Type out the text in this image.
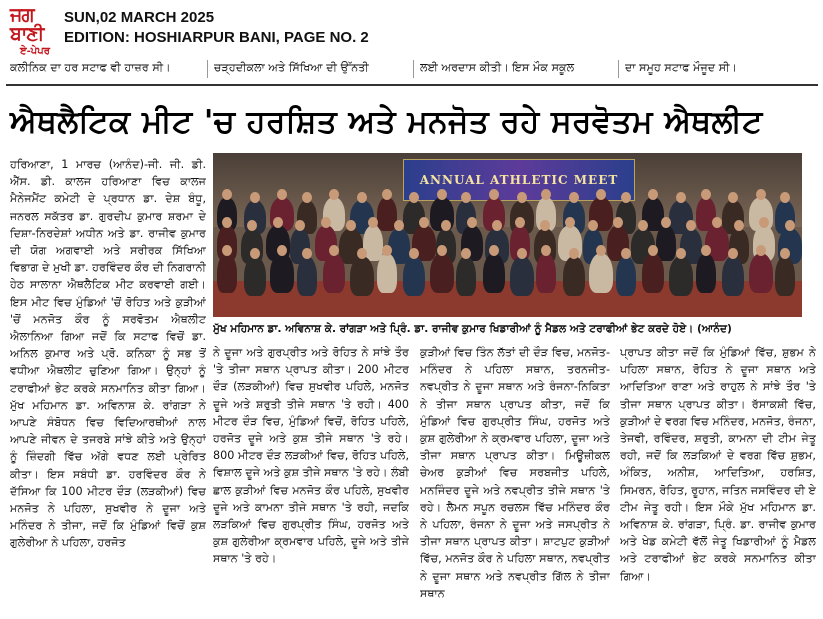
ਜਗ ਬਾਣੀ
ਏ-ਪੇਪਰ
SUN,02 MARCH 2025
EDITION: HOSHIARPUR BANI, PAGE NO. 2
ਕਲੀਨਿਕ ਦਾ ਹਰ ਸਟਾਫ ਵੀ ਹਾਜ਼ਰ ਸੀ।	ਚੜ੍ਹਦੀਕਲਾ ਅਤੇ ਸਿੱਖਿਆ ਦੀ ਉੱਨਤੀ	ਲਈ ਅਰਦਾਸ ਕੀਤੀ। ਇਸ ਮੌਕ ਸਕੂਲ	ਦਾ ਸਮੂਹ ਸਟਾਫ ਮੌਜੂਦ ਸੀ।
ਐਥਲੈਟਿਕ ਮੀਟ 'ਚ ਹਰਸ਼ਿਤ ਅਤੇ ਮਨਜੋਤ ਰਹੇ ਸਰਵੋਤਮ ਐਥਲੀਟ

ਹਰਿਆਣਾ, 1 ਮਾਰਚ (ਆਨੰਦ)-ਜੀ. ਜੀ. ਡੀ. ਐੱਸ. ਡੀ. ਕਾਲਜ ਹਰਿਆਣਾ ਵਿਚ ਕਾਲਜ ਮੈਨੇਜਮੈਂਟ ਕਮੇਟੀ ਦੇ ਪ੍ਰਧਾਨ ਡਾ. ਦੇਸ਼ ਬੰਧੂ, ਜਨਰਲ ਸਕੱਤਰ ਡਾ. ਗੁਰਦੀਪ ਕੁਮਾਰ ਸ਼ਰਮਾ ਦੇ ਦਿਸ਼ਾ-ਨਿਰਦੇਸ਼ਾਂ ਅਧੀਨ ਅਤੇ ਡਾ. ਰਾਜੀਵ ਕੁਮਾਰ ਦੀ ਯੋਗ ਅਗਵਾਈ ਅਤੇ ਸਰੀਰਕ ਸਿੱਖਿਆ ਵਿਭਾਗ ਦੇ ਮੁਖੀ ਡਾ. ਹਰਵਿੰਦਰ ਕੌਰ ਦੀ ਨਿਗਰਾਨੀ ਹੇਠ ਸਾਲਾਨਾ ਐਥਲੈਟਿਕ ਮੀਟ ਕਰਵਾਈ ਗਈ। ਇਸ ਮੀਟ ਵਿਚ ਮੁੰਡਿਆਂ 'ਚੋਂ ਰੋਹਿਤ ਅਤੇ ਕੁੜੀਆਂ 'ਚੋਂ ਮਨਜੋਤ ਕੌਰ ਨੂੰ ਸਰਵੋਤਮ ਐਥਲੀਟ ਐਲਾਨਿਆ ਗਿਆ ਜਦੋਂ ਕਿ ਸਟਾਫ ਵਿਚੋਂ ਡਾ. ਅਨਿਲ ਕੁਮਾਰ ਅਤੇ ਪ੍ਰੋ. ਕਨਿਕਾ ਨੂੰ ਸਭ ਤੋਂ ਵਧੀਆ ਐਥਲੀਟ ਚੁਣਿਆ ਗਿਆ। ਉਨ੍ਹਾਂ ਨੂੰ ਟਰਾਫੀਆਂ ਭੇਟ ਕਰਕੇ ਸਨਮਾਨਿਤ ਕੀਤਾ ਗਿਆ। ਮੁੱਖ ਮਹਿਮਾਨ ਡਾ. ਅਵਿਨਾਸ਼ ਕੇ. ਰਾਂਗੜਾ ਨੇ ਆਪਣੇ ਸੰਬੋਧਨ ਵਿਚ ਵਿਦਿਆਰਥੀਆਂ ਨਾਲ ਆਪਣੇ ਜੀਵਨ ਦੇ ਤਜਰਬੇ ਸਾਂਝੇ ਕੀਤੇ ਅਤੇ ਉਨ੍ਹਾਂ ਨੂੰ ਜ਼ਿੰਦਗੀ ਵਿੱਚ ਅੱਗੇ ਵਧਣ ਲਈ ਪ੍ਰੇਰਿਤ ਕੀਤਾ। ਇਸ ਸਬੰਧੀ ਡਾ. ਹਰਵਿੰਦਰ ਕੌਰ ਨੇ ਦੱਸਿਆ ਕਿ 100 ਮੀਟਰ ਦੌੜ (ਲੜਕੀਆਂ) ਵਿਚ ਮਨਜੋਤ ਨੇ ਪਹਿਲਾ, ਸੁਖਵੀਰ ਨੇ ਦੂਜਾ ਅਤੇ ਮਨਿੰਦਰ ਨੇ ਤੀਜਾ, ਜਦੋਂ ਕਿ ਮੁੰਡਿਆਂ ਵਿਚੋਂ ਕੁਸ਼ ਗੁਲੇਰੀਆ ਨੇ ਪਹਿਲਾ, ਹਰਜੋਤ

ANNUAL ATHLETIC MEET
ਮੁੱਖ ਮਹਿਮਾਨ ਡਾ. ਅਵਿਨਾਸ਼ ਕੇ. ਰਾਂਗੜਾ ਅਤੇ ਪ੍ਰਿੰ. ਡਾ. ਰਾਜੀਵ ਕੁਮਾਰ ਖਿਡਾਰੀਆਂ ਨੂੰ ਮੈਡਲ ਅਤੇ ਟਰਾਫੀਆਂ ਭੇਟ ਕਰਦੇ ਹੋਏ। (ਆਨੰਦ)

ਨੇ ਦੂਜਾ ਅਤੇ ਗੁਰਪ੍ਰੀਤ ਅਤੇ ਰੋਹਿਤ ਨੇ ਸਾਂਝੇ ਤੌਰ 'ਤੇ ਤੀਜਾ ਸਥਾਨ ਪ੍ਰਾਪਤ ਕੀਤਾ। 200 ਮੀਟਰ ਦੌੜ (ਲੜਕੀਆਂ) ਵਿਚ ਸੁਖਵੀਰ ਪਹਿਲੇ, ਮਨਜੋਤ ਦੂਜੇ ਅਤੇ ਸ਼ਰੁਤੀ ਤੀਜੇ ਸਥਾਨ 'ਤੇ ਰਹੀ। 400 ਮੀਟਰ ਦੌੜ ਵਿਚ, ਮੁੰਡਿਆਂ ਵਿਚੋਂ, ਰੋਹਿਤ ਪਹਿਲੇ, ਹਰਜੋਤ ਦੂਜੇ ਅਤੇ ਕੁਸ਼ ਤੀਜੇ ਸਥਾਨ 'ਤੇ ਰਹੇ। 800 ਮੀਟਰ ਦੌੜ ਲੜਕੀਆਂ ਵਿਚ, ਰੋਹਿਤ ਪਹਿਲੇ, ਵਿਸ਼ਾਲ ਦੂਜੇ ਅਤੇ ਕੁਸ਼ ਤੀਜੇ ਸਥਾਨ 'ਤੇ ਰਹੇ। ਲੰਬੀ ਛਾਲ ਕੁੜੀਆਂ ਵਿਚ ਮਨਜੋਤ ਕੌਰ ਪਹਿਲੇ, ਸੁਖਵੀਰ ਦੂਜੇ ਅਤੇ ਕਾਮਨਾ ਤੀਜੇ ਸਥਾਨ 'ਤੇ ਰਹੀ, ਜਦਕਿ ਲੜਕਿਆਂ ਵਿਚ ਗੁਰਪ੍ਰੀਤ ਸਿੰਘ, ਹਰਜੋਤ ਅਤੇ ਕੁਸ਼ ਗੁਲੇਰੀਆ ਕ੍ਰਮਵਾਰ ਪਹਿਲੇ, ਦੂਜੇ ਅਤੇ ਤੀਜੇ ਸਥਾਨ 'ਤੇ ਰਹੇ।

ਕੁੜੀਆਂ ਵਿਚ ਤਿੰਨ ਲੱਤਾਂ ਦੀ ਦੌੜ ਵਿਚ, ਮਨਜੋਤ-ਮਨਿੰਦਰ ਨੇ ਪਹਿਲਾ ਸਥਾਨ, ਤਰਨਜੀਤ-ਨਵਪ੍ਰੀਤ ਨੇ ਦੂਜਾ ਸਥਾਨ ਅਤੇ ਰੰਜਨਾ-ਨਿਕਿਤਾ ਨੇ ਤੀਜਾ ਸਥਾਨ ਪ੍ਰਾਪਤ ਕੀਤਾ, ਜਦੋਂ ਕਿ ਮੁੰਡਿਆਂ ਵਿਚ ਗੁਰਪ੍ਰੀਤ ਸਿੰਘ, ਹਰਜੋਤ ਅਤੇ ਕੁਸ਼ ਗੁਲੇਰੀਆ ਨੇ ਕ੍ਰਮਵਾਰ ਪਹਿਲਾ, ਦੂਜਾ ਅਤੇ ਤੀਜਾ ਸਥਾਨ ਪ੍ਰਾਪਤ ਕੀਤਾ। ਮਿਊਜ਼ੀਕਲ ਚੇਅਰ ਕੁੜੀਆਂ ਵਿਚ ਸਰਬਜੀਤ ਪਹਿਲੇ, ਮਨਜਿੰਦਰ ਦੂਜੇ ਅਤੇ ਨਵਪ੍ਰੀਤ ਤੀਜੇ ਸਥਾਨ 'ਤੇ ਰਹੇ। ਲੈਮਨ ਸਪੂਨ ਰਚਲਸ ਵਿੱਚ ਮਨਿੰਦਰ ਕੌਰ ਨੇ ਪਹਿਲਾ, ਰੰਜਨਾ ਨੇ ਦੂਜਾ ਅਤੇ ਜਸਪ੍ਰੀਤ ਨੇ ਤੀਜਾ ਸਥਾਨ ਪ੍ਰਾਪਤ ਕੀਤਾ। ਸ਼ਾਟਪੁਟ ਕੁੜੀਆਂ ਵਿੱਚ, ਮਨਜੋਤ ਕੌਰ ਨੇ ਪਹਿਲਾ ਸਥਾਨ, ਨਵਪ੍ਰੀਤ ਨੇ ਦੂਜਾ ਸਥਾਨ ਅਤੇ ਨਵਪ੍ਰੀਤ ਗਿੱਲ ਨੇ ਤੀਜਾ ਸਥਾਨ

ਪ੍ਰਾਪਤ ਕੀਤਾ ਜਦੋਂ ਕਿ ਮੁੰਡਿਆਂ ਵਿੱਚ, ਸ਼ੁਭਮ ਨੇ ਪਹਿਲਾ ਸਥਾਨ, ਰੋਹਿਤ ਨੇ ਦੂਜਾ ਸਥਾਨ ਅਤੇ ਆਦਿਤਿਆ ਰਾਣਾ ਅਤੇ ਰਾਹੁਲ ਨੇ ਸਾਂਝੇ ਤੌਰ 'ਤੇ ਤੀਜਾ ਸਥਾਨ ਪ੍ਰਾਪਤ ਕੀਤਾ। ਰੱਸਾਕਸ਼ੀ ਵਿੱਚ, ਕੁੜੀਆਂ ਦੇ ਵਰਗ ਵਿਚ ਮਨਿੰਦਰ, ਮਨਜੋਤ, ਰੰਜਨਾ, ਤੇਜਵੀ, ਰਵਿੰਦਰ, ਸ਼ਰੁਤੀ, ਕਾਮਨਾ ਦੀ ਟੀਮ ਜੇਤੂ ਰਹੀ, ਜਦੋਂ ਕਿ ਲੜਕਿਆਂ ਦੇ ਵਰਗ ਵਿੱਚ ਸ਼ੁਭਮ, ਅੰਕਿਤ, ਅਨੀਸ਼, ਆਦਿਤਿਆ, ਹਰਸ਼ਿਤ, ਸਿਮਰਨ, ਰੋਹਿਤ, ਰੂਹਾਨ, ਜਤਿਨ ਜਸਵਿੰਦਰ ਦੀ ਏ ਟੀਮ ਜੇਤੂ ਰਹੀ। ਇਸ ਮੌਕੇ ਮੁੱਖ ਮਹਿਮਾਨ ਡਾ. ਅਵਿਨਾਸ਼ ਕੇ. ਰਾਂਗੜਾ, ਪ੍ਰਿੰ. ਡਾ. ਰਾਜੀਵ ਕੁਮਾਰ ਅਤੇ ਖੇਡ ਕਮੇਟੀ ਵੱਲੋਂ ਜੇਤੂ ਖਿਡਾਰੀਆਂ ਨੂੰ ਮੈਡਲ ਅਤੇ ਟਰਾਫੀਆਂ ਭੇਟ ਕਰਕੇ ਸਨਮਾਨਿਤ ਕੀਤਾ ਗਿਆ।
